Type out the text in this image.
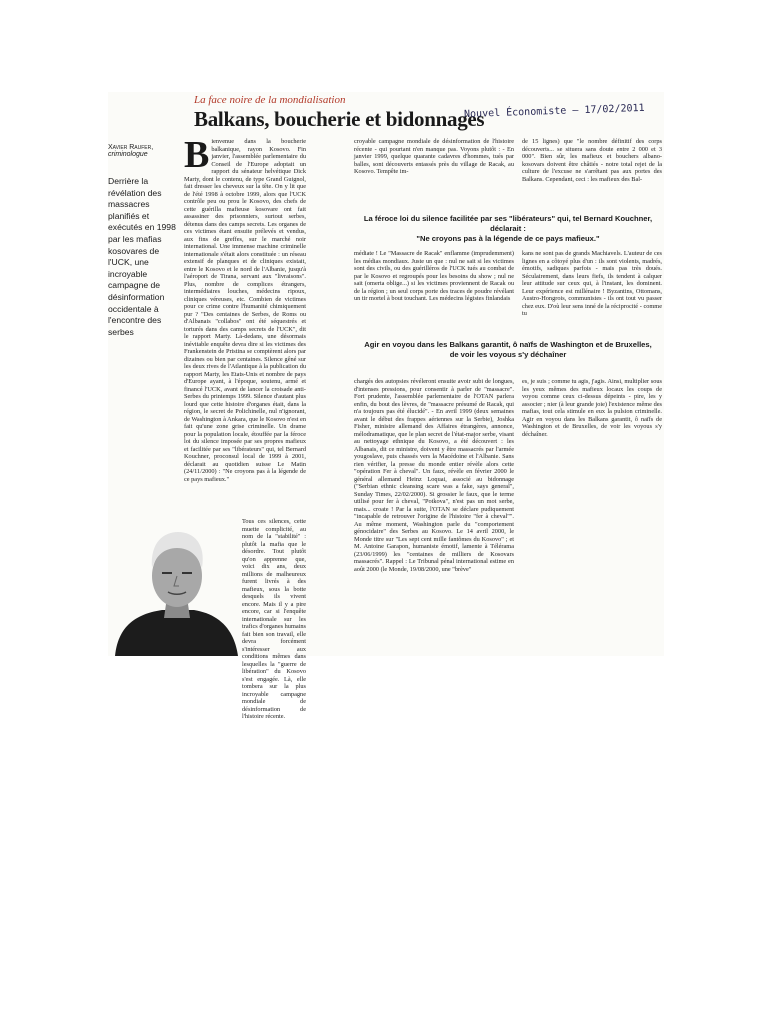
La face noire de la mondialisation
Balkans, boucherie et bidonnages
Nouvel Économiste – 17/02/2011
Xavier Raufer,
criminologue
Derrière la révélation des massacres planifiés et exécutés en 1998 par les mafias kosovares de l'UCK, une incroyable campagne de désinformation occidentale à l'encontre des serbes
B ienvenue dans la boucherie balkanique, rayon Kosovo. Fin janvier, l'assemblée parlementaire du Conseil de l'Europe adoptait un rapport du sénateur helvétique Dick Marty, dont le contenu, de type Grand Guignol, fait dresser les cheveux sur la tête. On y lit que de l'été 1998 à octobre 1999, alors que l'UCK contrôle peu ou prou le Kosovo, des chefs de cette guérilla mafieuse kosovare ont fait assassiner des prisonniers, surtout serbes, détenus dans des camps secrets. Les organes de ces victimes étant ensuite prélevés et vendus, aux fins de greffes, sur le marché noir international. Une immense machine criminelle internationale s'était alors constituée : un réseau extensif de planques et de cliniques existait, entre le Kosovo et le nord de l'Albanie, jusqu'à l'aéroport de Tirana, servant aux "livraisons". Plus, nombre de complices étrangers, intermédiaires louches, médecins ripoux, cliniques véreuses, etc. Combien de victimes pour ce crime contre l'humanité chimiquement pur ? "Des centaines de Serbes, de Roms ou d'Albanais "collabos" ont été séquestrés et torturés dans des camps secrets de l'UCK", dit le rapport Marty. Là-dedans, une désormais inévitable enquête devra dire si les victimes des Frankenstein de Pristina se comptèrent alors par dizaines ou bien par centaines. Silence gêné sur les deux rives de l'Atlantique à la publication du rapport Marty, les Etats-Unis et nombre de pays d'Europe ayant, à l'époque, soutenu, armé et financé l'UCK, avant de lancer la croisade anti-Serbes du printemps 1999. Silence d'autant plus lourd que cette histoire d'organes était, dans la région, le secret de Polichinelle, nul n'ignorant, de Washington à Ankara, que le Kosovo n'est en fait qu'une zone grise criminelle. Un drame pour la population locale, étouffée par la féroce loi du silence imposée par ses propres mafieux et facilitée par ses "libérateurs" qui, tel Bernard Kouchner, proconsul local de 1999 à 2001, déclarait au quotidien suisse Le Matin (24/11/2000) : "Ne croyons pas à la légende de ce pays mafieux."
Tous ces silences, cette muette complicité, au nom de la "stabilité" : plutôt la mafia que le désordre. Tout plutôt qu'on apprenne que, voici dix ans, deux millions de malheureux furent livrés à des mafieux, sous la botte desquels ils vivent encore. Mais il y a pire encore, car si l'enquête internationale sur les trafics d'organes humains fait bien son travail, elle devra forcément s'intéresser aux conditions mêmes dans lesquelles la "guerre de libération" du Kosovo s'est engagée. Là, elle tombera sur la plus incroyable campagne mondiale de désinformation de l'histoire récente.
croyable campagne mondiale de désinformation de l'histoire récente - qui pourtant n'en manque pas. Voyons plutôt : - En janvier 1999, quelque quarante cadavres d'hommes, tués par balles, sont découverts entassés près du village de Racak, au Kosovo. Tempête im-
de 15 lignes) que "le nombre définitif des corps découverts... se situera sans doute entre 2 000 et 3 000". Bien sûr, les mafieux et bouchers albano-kosovars doivent être châtiés - notre total rejet de la culture de l'excuse ne s'arrêtant pas aux portes des Balkans. Cependant, ceci : les mafieux des Bal-
La féroce loi du silence facilitée par ses "libérateurs" qui, tel Bernard Kouchner, déclarait :
"Ne croyons pas à la légende de ce pays mafieux."
médiate ! Le "Massacre de Racak" enflamme (imprudemment) les médias mondiaux. Juste un que : nul ne sait si les victimes sont des civils, ou des guérilléros de l'UCK tués au combat de par le Kosovo et regroupés pour les besoins du show ; nul ne sait (omerta oblige...) si les victimes proviennent de Racak ou de la région ; un seul corps porte des traces de poudre révélant un tir mortel à bout touchant. Les médecins légistes finlandais
kans ne sont pas de grands Machiavels. L'auteur de ces lignes en a côtoyé plus d'un : ils sont violents, madrés, émotifs, sadiques parfois - mais pas très doués. Séculairement, dans leurs fiefs, ils tendent à calquer leur attitude sur ceux qui, à l'instant, les dominent. Leur expérience est millénaire ! Byzantins, Ottomans, Austro-Hongrois, communistes - ils ont tout vu passer chez eux. D'où leur sens inné de la réciprocité - comme tu
Agir en voyou dans les Balkans garantit, ô naïfs de Washington et de Bruxelles,
de voir les voyous s'y déchaîner
chargés des autopsies révéleront ensuite avoir subi de longues, d'intenses pressions, pour consentir à parler de "massacre". Fort prudente, l'assemblée parlementaire de l'OTAN parlera enfin, du bout des lèvres, de "massacre présumé de Racak, qui n'a toujours pas été élucidé". - En avril 1999 (deux semaines avant le début des frappes aériennes sur la Serbie), Joshka Fisher, ministre allemand des Affaires étrangères, annonce, mélodramatique, que le plan secret de l'état-major serbe, visant au nettoyage ethnique du Kosovo, a été découvert : les Albanais, dit ce ministre, doivent y être massacrés par l'armée yougoslave, puis chassés vers la Macédoine et l'Albanie. Sans rien vérifier, la presse du monde entier révèle alors cette "opération Fer à cheval". Un faux, révèle en février 2000 le général allemand Heinz Loquai, associé au bidonnage ("Serbian ethnic cleansing scare was a fake, says general", Sunday Times, 22/02/2000). Si grossier le faux, que le terme utilisé pour fer à cheval, "Potkova", n'est pas un mot serbe, mais... croate ! Par la suite, l'OTAN se déclare pudiquement "incapable de retrouver l'origine de l'histoire "fer à cheval"". Au même moment, Washington parle du "comportement génocidaire" des Serbes au Kosovo. Le 14 avril 2000, le Monde titre sur "Les sept cent mille fantômes du Kosovo" ; et M. Antoine Garapon, humaniste émotif, lamente à Télérama (23/06/1999) les "centaines de milliers de Kosovars massacrés". Rappel : Le Tribunal pénal international estime en août 2000 (le Monde, 19/08/2000, une "brève"
es, je suis ; comme tu agis, j'agis. Ainsi, multiplier sous les yeux mêmes des mafieux locaux les coups de voyou comme ceux ci-dessus dépeints - pire, les y associer ; nier (à leur grande joie) l'existence même des mafias, tout cela stimule en eux la pulsion criminelle. Agir en voyou dans les Balkans garantit, ô naïfs de Washington et de Bruxelles, de voir les voyous s'y déchaîner.
